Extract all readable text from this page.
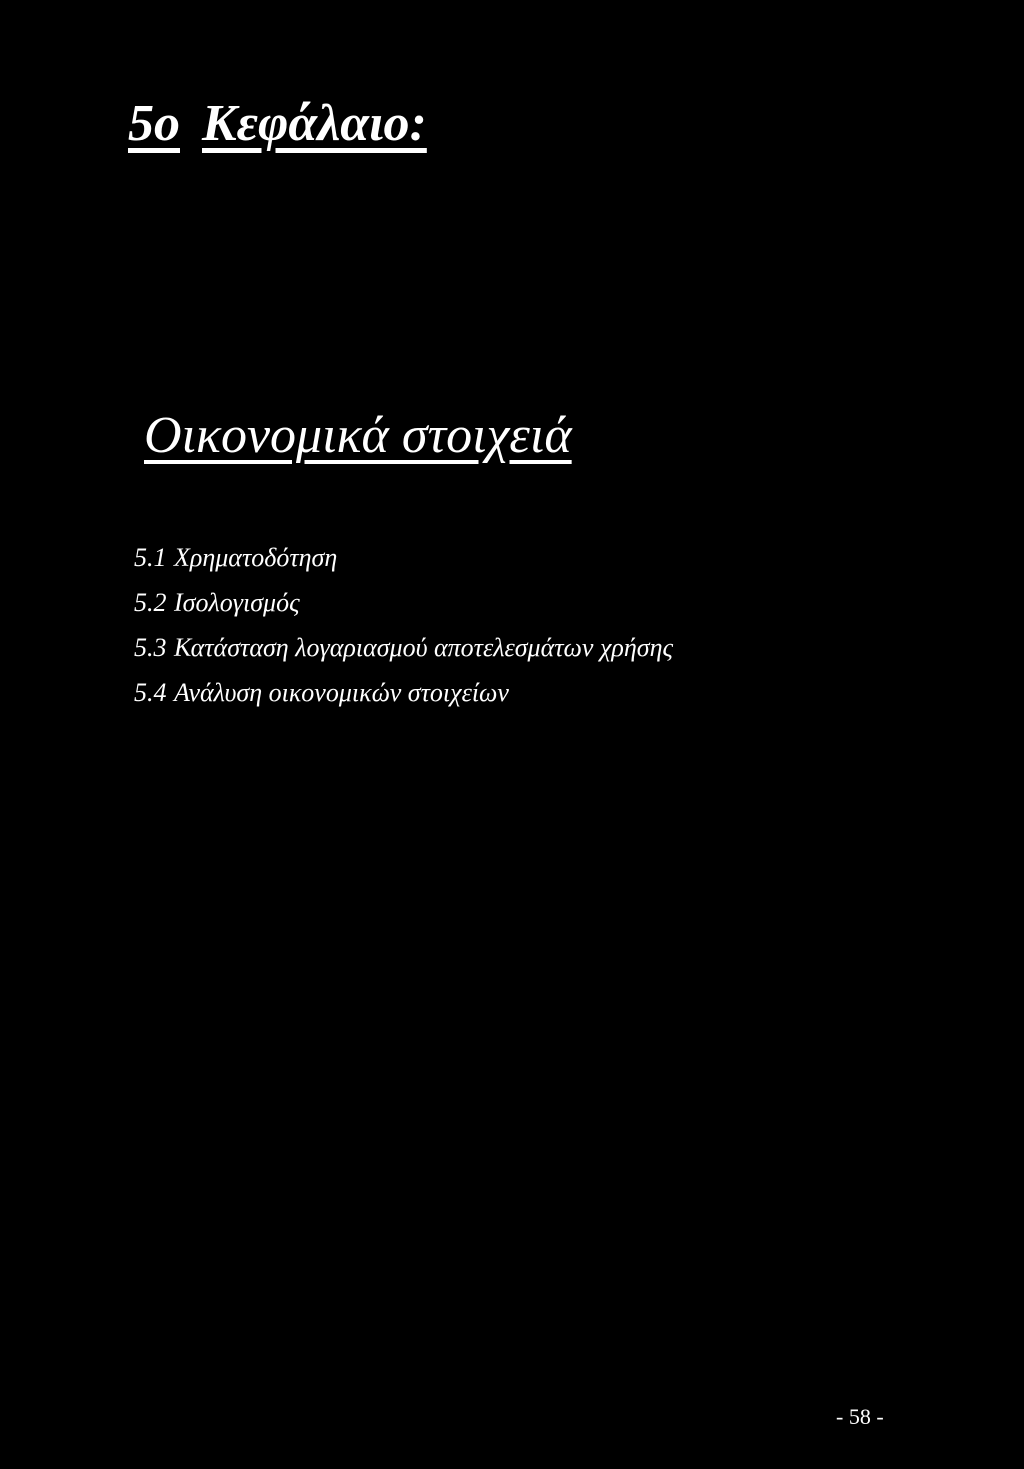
5ο Κεφάλαιο:
Οικονομικά στοιχειά
5.1 Χρηματοδότηση
5.2 Ισολογισμός
5.3 Κατάσταση λογαριασμού αποτελεσμάτων χρήσης
5.4 Ανάλυση οικονομικών στοιχείων
- 58 -
